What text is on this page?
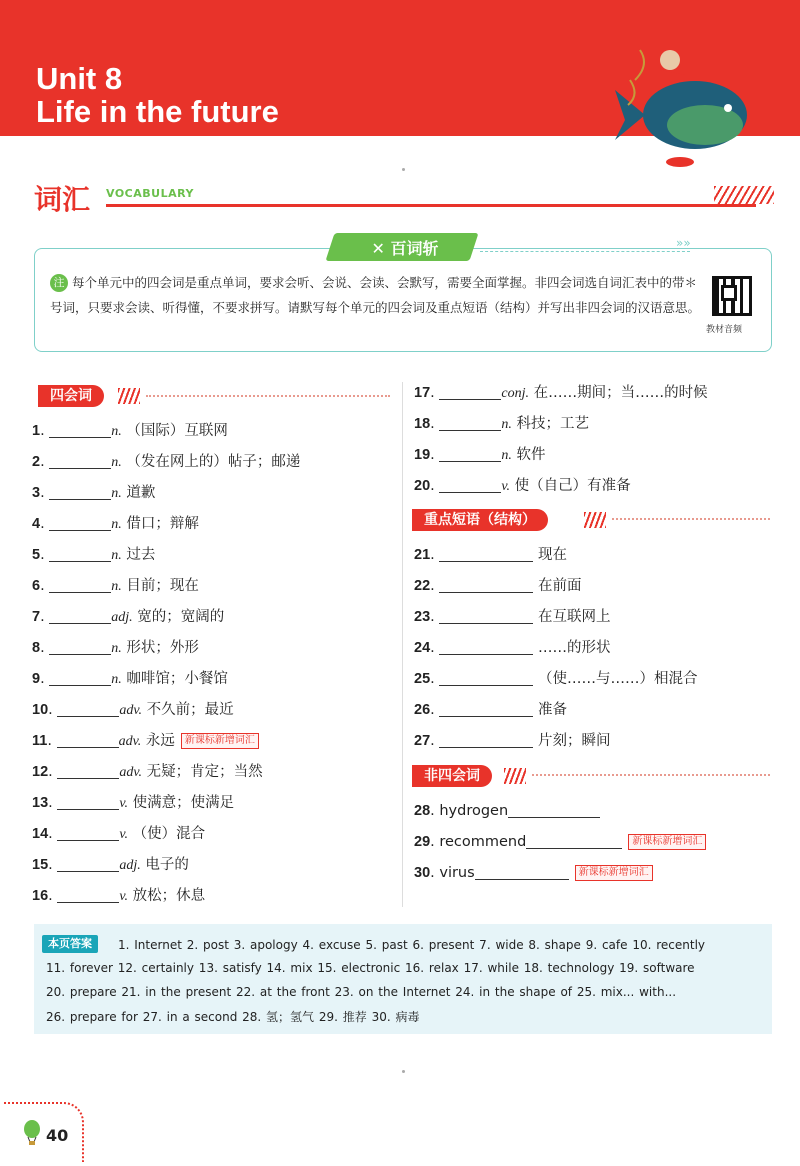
Unit 8
Life in the future
词汇 VOCABULARY
✕ 百词斩	»»
注 每个单元中的四会词是重点单词，要求会听、会说、会读、会默写，需要全面掌握。非四会词选自词汇表中的带＊号词，只要求会读、听得懂，不要求拼写。请默写每个单元的四会词及重点短语（结构）并写出非四会词的汉语意思。
教材音频
四会词
1.	n. （国际）互联网
2.	n. （发在网上的）帖子；邮递
3.	n. 道歉
4.	n. 借口；辩解
5.	n. 过去
6.	n. 目前；现在
7.	adj. 宽的；宽阔的
8.	n. 形状；外形
9.	n. 咖啡馆；小餐馆
10.	adv. 不久前；最近
11.	adv. 永远 新课标新增词汇
12.	adv. 无疑；肯定；当然
13.	v. 使满意；使满足
14.	v. （使）混合
15.	adj. 电子的
16.	v. 放松；休息
17.	conj. 在……期间；当……的时候
18.	n. 科技；工艺
19.	n. 软件
20.	v. 使（自己）有准备
重点短语（结构）
21.	现在
22.	在前面
23.	在互联网上
24.	……的形状
25.	（使……与……）相混合
26.	准备
27.	片刻；瞬间
非四会词
28. hydrogen
29. recommend	新课标新增词汇
30. virus	新课标新增词汇
本页答案	1. Internet 2. post 3. apology 4. excuse 5. past 6. present 7. wide 8. shape 9. cafe 10. recently
11. forever 12. certainly 13. satisfy 14. mix 15. electronic 16. relax 17. while 18. technology 19. software
20. prepare 21. in the present 22. at the front 23. on the Internet 24. in the shape of 25. mix... with...
26. prepare for 27. in a second 28. 氢；氢气 29. 推荐 30. 病毒
40
